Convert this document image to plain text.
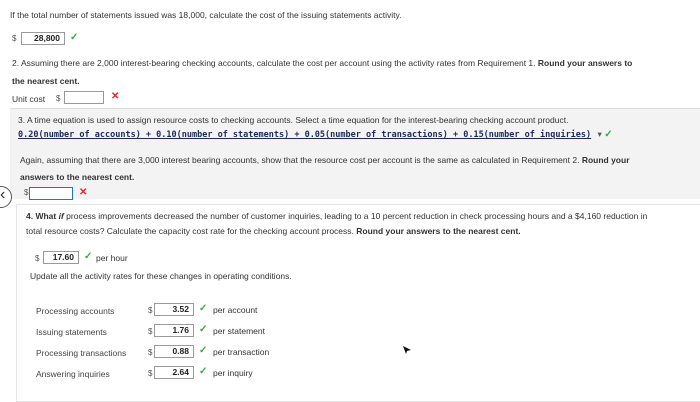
If the total number of statements issued was 18,000, calculate the cost of the issuing statements activity.
$	28,800	✓
2. Assuming there are 2,000 interest-bearing checking accounts, calculate the cost per account using the activity rates from Requirement 1. Round your answers to
the nearest cent.
Unit cost $	✕
3. A time equation is used to assign resource costs to checking accounts. Select a time equation for the interest-bearing checking account product.
0.20(number of accounts) + 0.10(number of statements) + 0.05(number of transactions) + 0.15(number of inquiries) ▾ ✓
Again, assuming that there are 3,000 interest bearing accounts, show that the resource cost per account is the same as calculated in Requirement 2. Round your
answers to the nearest cent.
‹ $	✕
4. What if process improvements decreased the number of customer inquiries, leading to a 10 percent reduction in check processing hours and a $4,160 reduction in
total resource costs? Calculate the capacity cost rate for the checking account process. Round your answers to the nearest cent.
$	17.60	✓ per hour
Update all the activity rates for these changes in operating conditions.
Processing accounts	$	3.52	✓ per account
Issuing statements	$	1.76	✓ per statement
Processing transactions	$	0.88	✓ per transaction
Answering inquiries	$	2.64	✓ per inquiry
